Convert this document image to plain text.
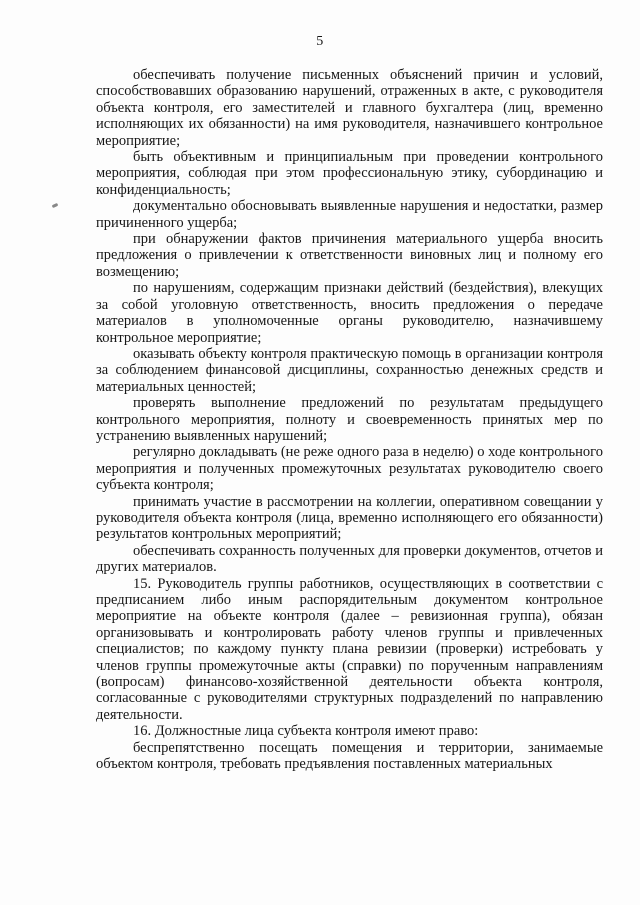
5

обеспечивать получение письменных объяснений причин и условий, способствовавших образованию нарушений, отраженных в акте, с руководителя объекта контроля, его заместителей и главного бухгалтера (лиц, временно исполняющих их обязанности) на имя руководителя, назначившего контрольное мероприятие;

быть объективным и принципиальным при проведении контрольного мероприятия, соблюдая при этом профессиональную этику, субординацию и конфиденциальность;

документально обосновывать выявленные нарушения и недостатки, размер причиненного ущерба;

при обнаружении фактов причинения материального ущерба вносить предложения о привлечении к ответственности виновных лиц и полному его возмещению;

по нарушениям, содержащим признаки действий (бездействия), влекущих за собой уголовную ответственность, вносить предложения о передаче материалов в уполномоченные органы руководителю, назначившему контрольное мероприятие;

оказывать объекту контроля практическую помощь в организации контроля за соблюдением финансовой дисциплины, сохранностью денежных средств и материальных ценностей;

проверять выполнение предложений по результатам предыдущего контрольного мероприятия, полноту и своевременность принятых мер по устранению выявленных нарушений;

регулярно докладывать (не реже одного раза в неделю) о ходе контрольного мероприятия и полученных промежуточных результатах руководителю своего субъекта контроля;

принимать участие в рассмотрении на коллегии, оперативном совещании у руководителя объекта контроля (лица, временно исполняющего его обязанности) результатов контрольных мероприятий;

обеспечивать сохранность полученных для проверки документов, отчетов и других материалов.

15. Руководитель группы работников, осуществляющих в соответствии с предписанием либо иным распорядительным документом контрольное мероприятие на объекте контроля (далее – ревизионная группа), обязан организовывать и контролировать работу членов группы и привлеченных специалистов; по каждому пункту плана ревизии (проверки) истребовать у членов группы промежуточные акты (справки) по порученным направлениям (вопросам) финансово-хозяйственной деятельности объекта контроля, согласованные с руководителями структурных подразделений по направлению деятельности.

16. Должностные лица субъекта контроля имеют право:

беспрепятственно посещать помещения и территории, занимаемые объектом контроля, требовать предъявления поставленных материальных
